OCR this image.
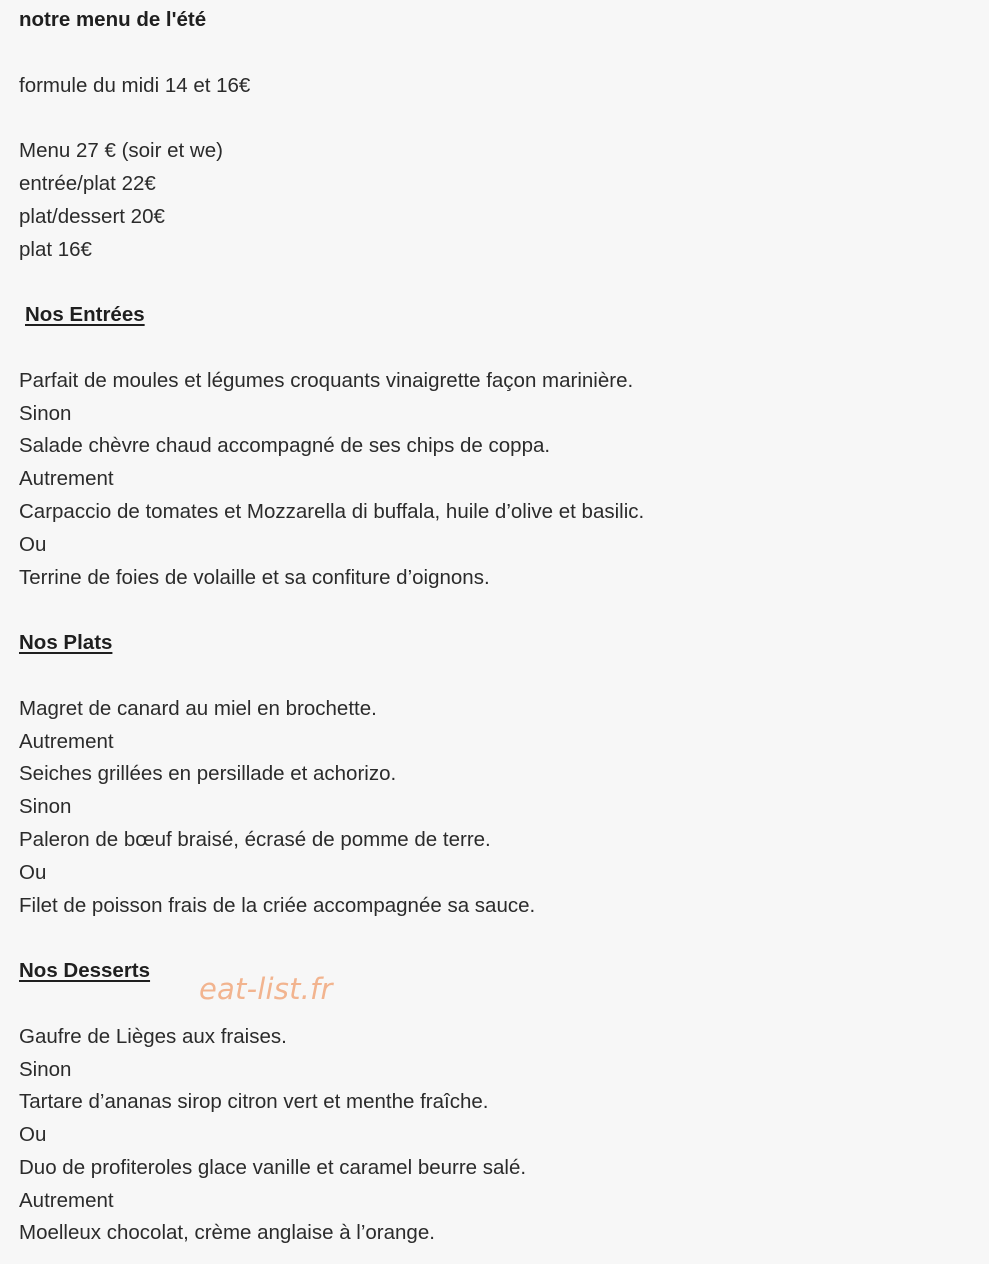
notre menu de l'été
formule du midi 14 et 16€
Menu 27 € (soir et we)
entrée/plat 22€
plat/dessert 20€
plat 16€
Nos Entrées
Parfait de moules et légumes croquants vinaigrette façon marinière.
Sinon
Salade chèvre chaud accompagné de ses chips de coppa.
Autrement
Carpaccio de tomates et Mozzarella di buffala, huile d’olive et basilic.
Ou
Terrine de foies de volaille et sa confiture d’oignons.
Nos Plats
Magret de canard au miel en brochette.
Autrement
Seiches grillées en persillade et achorizo.
Sinon
Paleron de bœuf braisé, écrasé de pomme de terre.
Ou
Filet de poisson frais de la criée accompagnée sa sauce.
Nos Desserts
Gaufre de Lièges aux fraises.
Sinon
Tartare d’ananas sirop citron vert et menthe fraîche.
Ou
Duo de profiteroles glace vanille et caramel beurre salé.
Autrement
Moelleux chocolat, crème anglaise à l’orange.
eat-list.fr
